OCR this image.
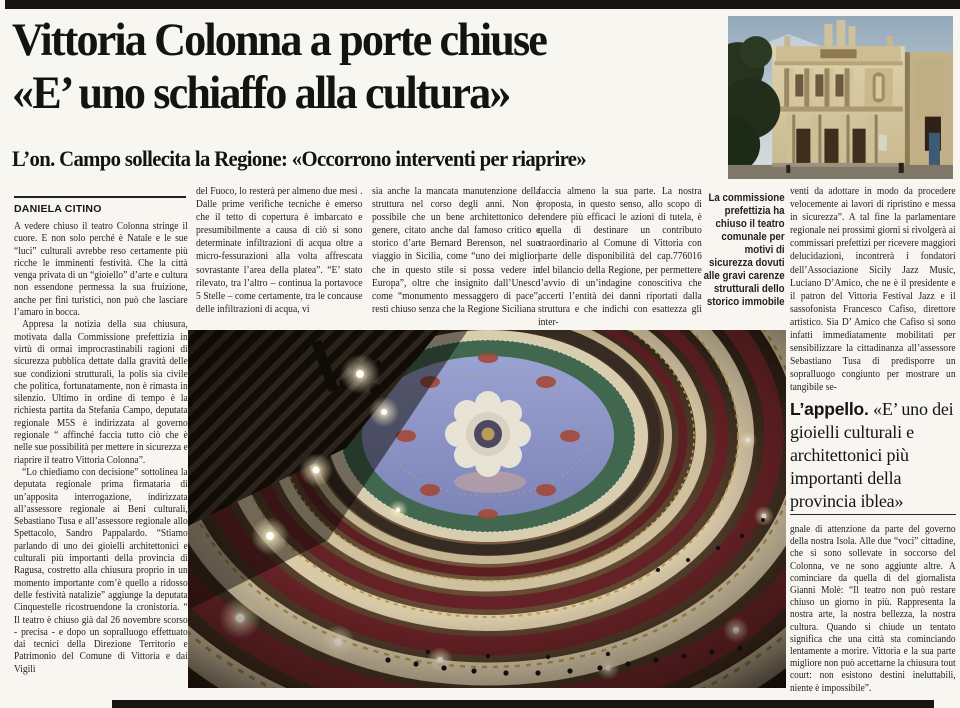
Vittoria Colonna a porte chiuse
«E’ uno schiaffo alla cultura»
L’on. Campo sollecita la Regione: «Occorrono interventi per riaprire»
DANIELA CITINO

A vedere chiuso il teatro Colonna stringe il cuore. E non solo perché è Natale e le sue “luci” culturali avrebbe reso certamente più ricche le imminenti festività. Che la città venga privata di un “gioiello” d’arte e cultura non essendone permessa la sua fruizione, anche per fini turistici, non può che lasciare l’amaro in bocca.

Appresa la notizia della sua chiusura, motivata dalla Commissione prefettizia in virtù di ormai improcrastinabili ragioni di sicurezza pubblica dettate dalla gravità delle sue condizioni strutturali, la polis sia civile che politica, fortunatamente, non è rimasta in silenzio. Ultimo in ordine di tempo è la richiesta partita da Stefania Campo, deputata regionale M5S è indirizzata al governo regionale “ affinché faccia tutto ciò che è nelle sue possibilità per mettere in sicurezza e riaprire il teatro Vittoria Colonna”.

“Lo chiediamo con decisione” sottolinea la deputata regionale prima firmataria di un’apposita interrogazione, indirizzata all’assessore regionale ai Beni culturali, Sebastiano Tusa e all’assessore regionale allo Spettacolo, Sandro Pappalardo. “Stiamo parlando di uno dei gioielli architettonici e culturali più importanti della provincia di Ragusa, costretto alla chiusura proprio in un momento importante com’è quello a ridosso delle festività natalizie” aggiunge la deputata Cinquestelle ricostruendone la cronistoria. “ Il teatro è chiuso già dal 26 novembre scorso - precisa - e dopo un sopralluogo effettuato dai tecnici della Direzione Territorio e Patrimonio del Comune di Vittoria e dai Vigili

del Fuoco, lo resterà per almeno due mesi . Dalle prime verifiche tecniche è emerso che il tetto di copertura è imbarcato e presumibilmente a causa di ciò si sono determinate infiltrazioni di acqua oltre a micro-fessurazioni alla volta affrescata sovrastante l’area della platea”. “E’ stato rilevato, tra l’altro – continua la portavoce 5 Stelle – come certamente, tra le concause delle infiltrazioni di acqua, vi
sia anche la mancata manutenzione della struttura nel corso degli anni. Non è possibile che un bene architettonico del genere, citato anche dal famoso critico e storico d’arte Bernard Berenson, nel suo viaggio in Sicilia, come “uno dei migliori che in questo stile si possa vedere in Europa”, oltre che insignito dall’Unesco come “monumento messaggero di pace”, resti chiuso senza che la Regione Siciliana
faccia almeno la sua parte. La nostra proposta, in questo senso, allo scopo di rendere più efficaci le azioni di tutela, è quella di destinare un contributo straordinario al Comune di Vittoria con parte delle disponibilità del cap.776016 del bilancio della Regione, per permettere l’avvio di un’indagine conoscitiva che accerti l’entità dei danni riportati dalla struttura e che indichi con esattezza gli inter-
La commissione prefettizia ha chiuso il teatro comunale per motivi di sicurezza dovuti alle gravi carenze strutturali dello storico immobile
venti da adottare in modo da procedere velocemente ai lavori di ripristino e messa in sicurezza”. A tal fine la parlamentare regionale nei prossimi giorni si rivolgerà ai commissari prefettizi per ricevere maggiori delucidazioni, incontrerà i fondatori dell’Associazione Sicily Jazz Music, Luciano D’Amico, che ne è il presidente e il patron del Vittoria Festival Jazz e il sassofonista Francesco Cafiso, direttore artistico. Sia D’ Amico che Cafiso si sono infatti immediatamente mobilitati per sensibilizzare la cittadinanza all’assessore Sebastiano Tusa di predisporre un sopralluogo congiunto per mostrare un tangibile se-
L’appello. «E’ uno dei gioielli culturali e architettonici più importanti della provincia iblea»
gnale di attenzione da parte del governo della nostra Isola. Alle due “voci” cittadine, che si sono sollevate in soccorso del Colonna, ve ne sono aggiunte altre. A cominciare da quella di del giornalista Gianni Molè: “Il teatro non può restare chiuso un giorno in più. Rappresenta la nostra arte, la nostra bellezza, la nostra cultura. Quando si chiude un tentato significa che una città sta cominciando lentamente a morire. Vittoria e la sua parte migliore non può accettarne la chiusura tout court: non esistono destini ineluttabili, niente è impossibile”.
